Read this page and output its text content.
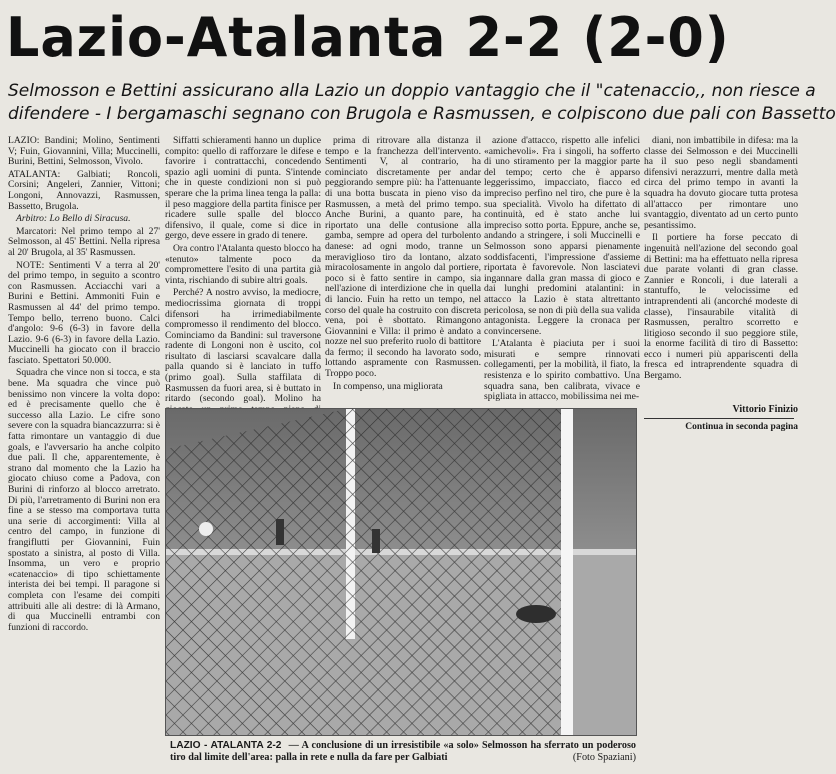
Lazio-Atalanta 2-2 (2-0)
Selmosson e Bettini assicurano alla Lazio un doppio vantaggio che il "catenaccio,, non riesce a
difendere - I bergamaschi segnano con Brugola e Rasmussen, e colpiscono due pali con Bassetto

LAZIO: Bandini; Molino, Sentimenti V; Fuin, Giovannini, Villa; Muccinelli, Burini, Bettini, Selmosson, Vivolo.

ATALANTA: Galbiati; Roncoli, Corsini; Angeleri, Zannier, Vittoni; Longoni, Annovazzi, Rasmussen, Bassetto, Brugola.

Arbitro: Lo Bello di Siracusa.

Marcatori: Nel primo tempo al 27' Selmosson, al 45' Bettini. Nella ripresa al 20' Brugola, al 35' Rasmussen.

NOTE: Sentimenti V a terra al 20' del primo tempo, in seguito a scontro con Rasmussen. Acciacchi vari a Burini e Bettini. Ammoniti Fuin e Rasmussen al 44' del primo tempo. Tempo bello, terreno buono. Calci d'angolo: 9-6 (6-3) in favore della Lazio. 9-6 (6-3) in favore della Lazio. Muccinelli ha giocato con il braccio fasciato. Spettatori 50.000.

Squadra che vince non si tocca, e sta bene. Ma squadra che vince può benissimo non vincere la volta dopo: ed è precisamente quello che è successo alla Lazio. Le cifre sono severe con la squadra biancazzurra: si è fatta rimontare un vantaggio di due goals, e l'avversario ha anche colpito due pali. Il che, apparentemente, è strano dal momento che la Lazio ha giocato chiuso come a Padova, con Burini di rinforzo al blocco arretrato. Di più, l'arretramento di Burini non era fine a se stesso ma comportava tutta una serie di accorgimenti: Villa al centro del campo, in funzione di frangiflutti per Giovannini, Fuin spostato a sinistra, al posto di Villa. Insomma, un vero e proprio «catenaccio» di tipo schiettamente interista dei bei tempi. Il paragone si completa con l'esame dei compiti attribuiti alle ali destre: di là Armano, di qua Muccinelli entrambi con funzioni di raccordo.

Siffatti schieramenti hanno un duplice compito: quello di rafforzare le difese e favorire i contrattacchi, concedendo spazio agli uomini di punta. S'intende che in queste condizioni non si può sperare che la prima linea tenga la palla: il peso maggiore della partita finisce per ricadere sulle spalle del blocco difensivo, il quale, come si dice in gergo, deve essere in grado di tenere.

Ora contro l'Atalanta questo blocco ha «tenuto» talmente poco da compromettere l'esito di una partita già vinta, rischiando di subire altri goals.

Perché? A nostro avviso, la mediocre, mediocrissima giornata di troppi difensori ha irrimediabilmente compromesso il rendimento del blocco. Cominciamo da Bandini: sul traversone radente di Longoni non è uscito, col risultato di lasciarsi scavalcare dalla palla quando si è lanciato in tuffo (primo goal). Sulla staffilata di Rasmussen da fuori area, si è buttato in ritardo (secondo goal). Molino ha

prima di ritrovare alla distanza il tempo e la franchezza dell'intervento. Sentimenti V, al contrario, ha cominciato discretamente per andar peggiorando sempre più: ha l'attenuante di una botta buscata in pieno viso da Rasmussen, a metà del primo tempo. Anche Burini, a quanto pare, ha riportato una delle contusione alla gamba, sempre ad opera del turbolento danese: ad ogni modo, tranne un meraviglioso tiro da lontano, alzato miracolosamente in angolo dal portiere, poco si è fatto sentire in campo, sia nell'azione di interdizione che in quella di lancio. Fuin ha retto un tempo, nel corso del quale ha costruito con discreta vena, poi è sbottato. Rimangono Giovannini e Villa: il primo è andato a nozze nel suo preferito ruolo di battitore da fermo; il secondo ha lavorato sodo, lottando aspramente con Rasmussen. Troppo poco.

In compenso, una migliorata

azione d'attacco, rispetto alle infelici «amichevoli». Fra i singoli, ha sofferto di uno stiramento per la maggior parte del tempo; certo che è apparso leggerissimo, impacciato, fiacco ed impreciso perfino nel tiro, che pure è la sua specialità. Vivolo ha difettato di continuità, ed è stato anche lui impreciso sotto porta. Eppure, anche se, andando a stringere, i soli Muccinelli e Selmosson sono apparsi pienamente soddisfacenti, l'impressione d'assieme riportata è favorevole. Non lasciatevi ingannare dalla gran massa di gioco e dai lunghi predomini atalantini: in attacco la Lazio è stata altrettanto pericolosa, se non di più della sua valida antagonista. Leggere la cronaca per convincersene.

L'Atalanta è piaciuta per i suoi misurati e sempre rinnovati collegamenti, per la mobilità, il fiato, la resistenza e lo spirito combattivo. Una squadra sana, ben calibrata, vivace e spigliata in attacco, mobilissima nei me-

diani, non imbattibile in difesa: ma la classe dei Selmosson e dei Muccinelli ha il suo peso negli sbandamenti difensivi nerazzurri, mentre dalla metà circa del primo tempo in avanti la squadra ha dovuto giocare tutta protesa all'attacco per rimontare uno svantaggio, diventato ad un certo punto pesantissimo.

Il portiere ha forse peccato di ingenuità nell'azione del secondo goal di Bettini: ma ha effettuato nella ripresa due parate volanti di gran classe. Zannier e Roncoli, i due laterali a stantuffo, le velocissime ed intraprendenti ali (ancorché modeste di classe), l'insaurabile vitalità di Rasmussen, peraltro scorretto e litigioso secondo il suo peggiore stile, la enorme facilità di tiro di Bassetto: ecco i numeri più appariscenti della fresca ed intraprendente squadra di Bergamo.

Vittorio Finizio
Continua in seconda pagina
LAZIO - ATALANTA 2-2 — A conclusione di un irresistibile «a solo» Selmosson ha sferrato un poderoso tiro dal limite dell'area: palla in rete e nulla da fare per Galbiati	(Foto Spaziani)
